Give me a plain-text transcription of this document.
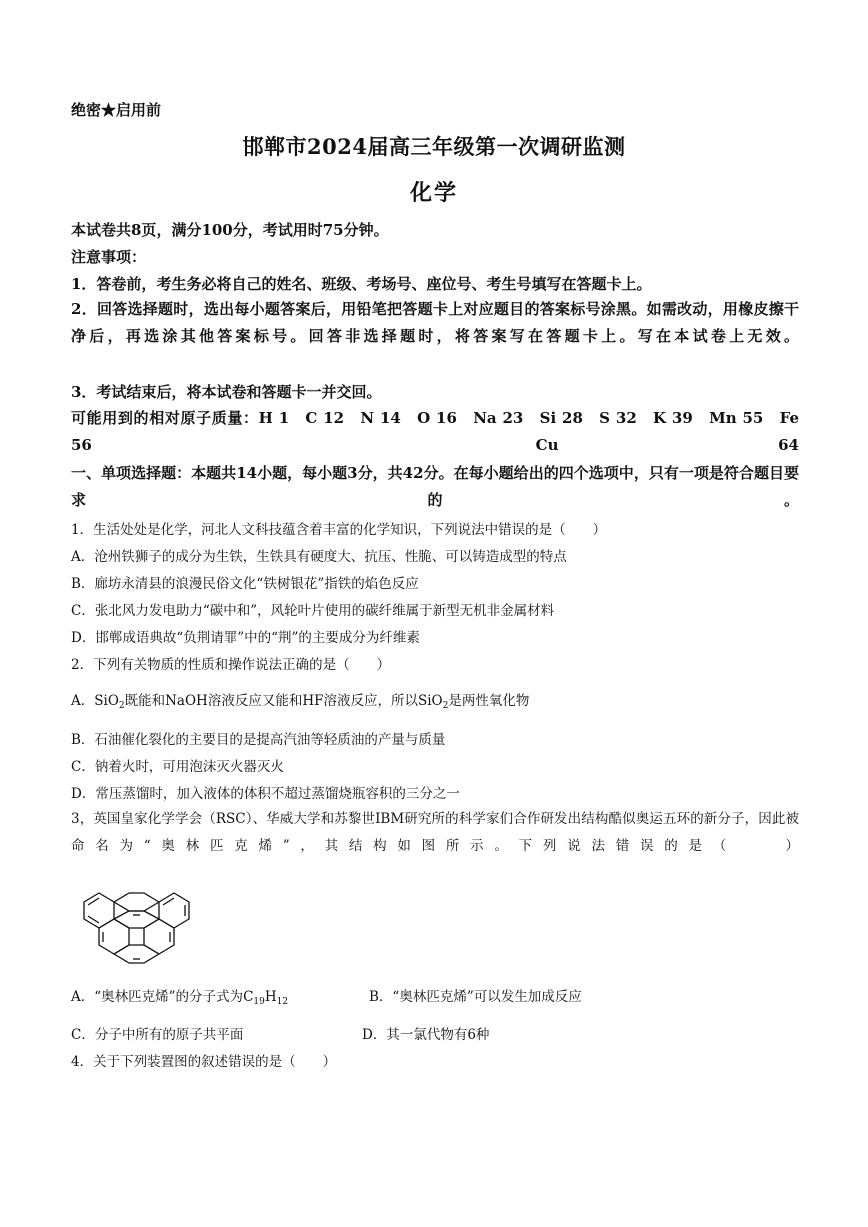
绝密★启用前
邯郸市2024届高三年级第一次调研监测
化学
本试卷共8页，满分100分，考试用时75分钟。
注意事项：
1．答卷前，考生务必将自己的姓名、班级、考场号、座位号、考生号填写在答题卡上。
2．回答选择题时，选出每小题答案后，用铅笔把答题卡上对应题目的答案标号涂黑。如需改动，用橡皮擦干净后，再选涂其他答案标号。回答非选择题时，将答案写在答题卡上。写在本试卷上无效。
3．考试结束后，将本试卷和答题卡一并交回。
可能用到的相对原子质量：H 1　C 12　N 14　O 16　Na 23　Si 28　S 32　K 39　Mn 55　Fe 56　Cu 64
一、单项选择题：本题共14小题，每小题3分，共42分。在每小题给出的四个选项中，只有一项是符合题目要求的。
1．生活处处是化学，河北人文科技蕴含着丰富的化学知识，下列说法中错误的是（　　）
A．沧州铁狮子的成分为生铁，生铁具有硬度大、抗压、性脆、可以铸造成型的特点
B．廊坊永清县的浪漫民俗文化“铁树银花”指铁的焰色反应
C．张北风力发电助力“碳中和”，风轮叶片使用的碳纤维属于新型无机非金属材料
D．邯郸成语典故“负荆请罪”中的“荆”的主要成分为纤维素
2．下列有关物质的性质和操作说法正确的是（　　）
A．SiO$_2$既能和NaOH溶液反应又能和HF溶液反应，所以SiO$_2$是两性氧化物
B．石油催化裂化的主要目的是提高汽油等轻质油的产量与质量
C．钠着火时，可用泡沫灭火器灭火
D．常压蒸馏时，加入液体的体积不超过蒸馏烧瓶容积的三分之一
3，英国皇家化学学会（RSC）、华威大学和苏黎世IBM研究所的科学家们合作研发出结构酷似奥运五环的新分子，因此被命名为“奥林匹克烯”，其结构如图所示。下列说法错误的是（　　）
A．“奥林匹克烯”的分子式为$C_{19}H_{12}$	B．“奥林匹克烯”可以发生加成反应
C．分子中所有的原子共平面	D．其一氯代物有6种
4．关于下列装置图的叙述错误的是（　　）
